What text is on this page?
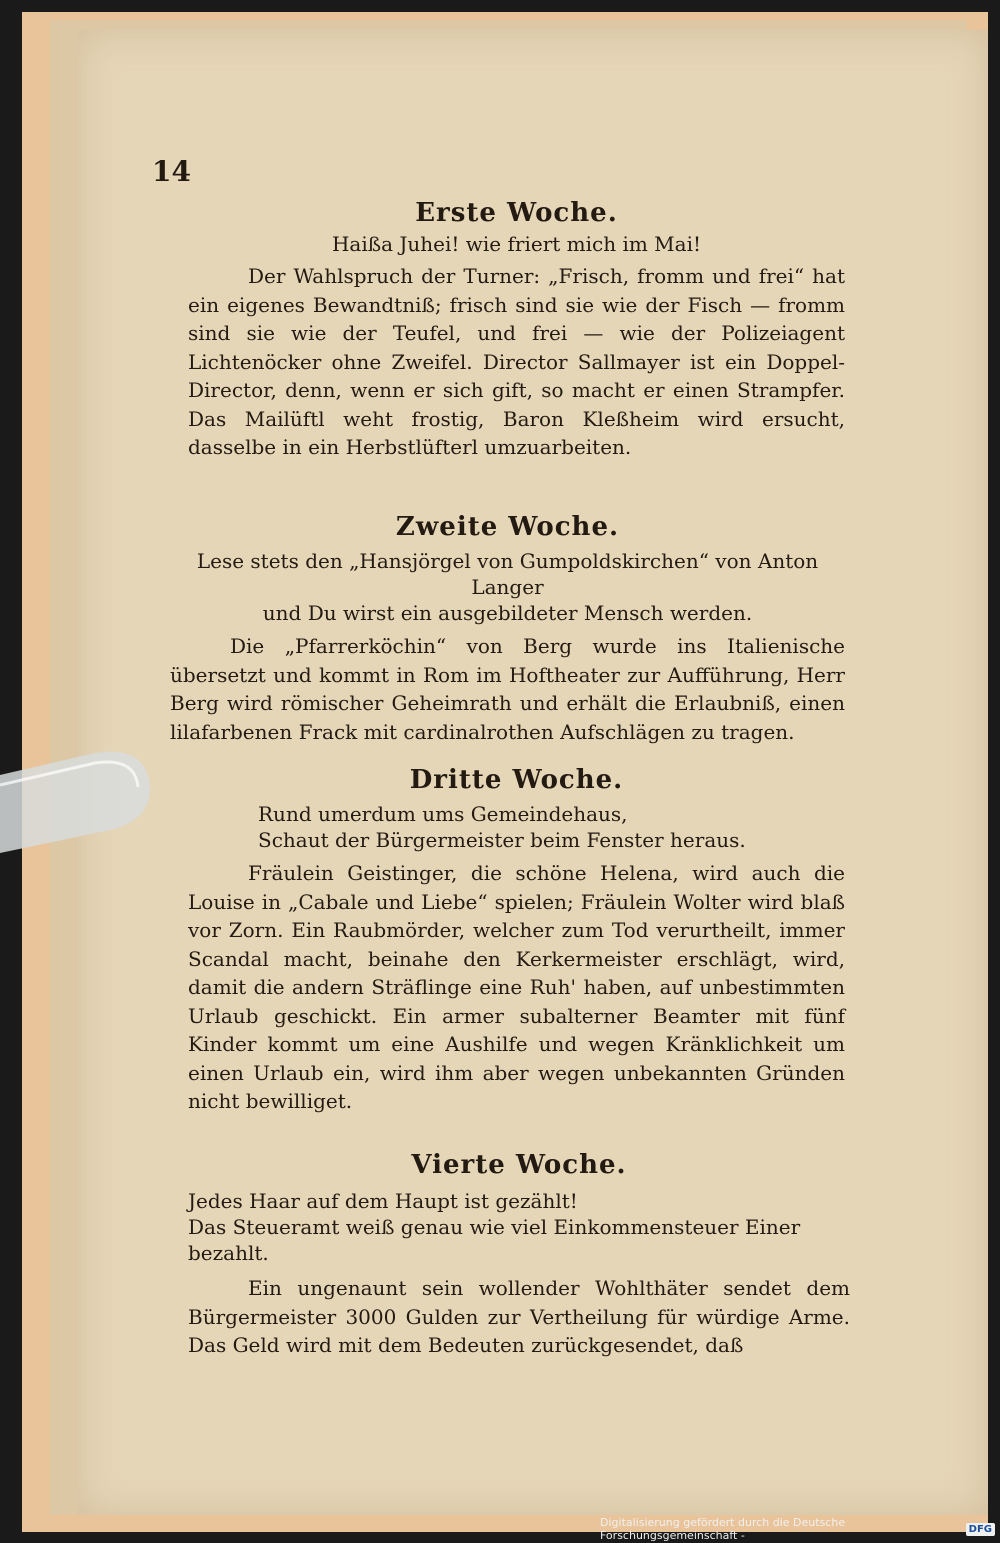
14
Erste Woche.
Haißa Juhei! wie friert mich im Mai!

Der Wahlspruch der Turner: „Frisch, fromm und frei“ hat ein eigenes Bewandtniß; frisch sind sie wie der Fisch — fromm sind sie wie der Teufel, und frei — wie der Polizeiagent Lichtenöcker ohne Zweifel. Director Sallmayer ist ein Doppel-Director, denn, wenn er sich gift, so macht er einen Strampfer. Das Mailüftl weht frostig, Baron Kleßheim wird ersucht, dasselbe in ein Herbstlüfterl umzuarbeiten.

Zweite Woche.
Lese stets den „Hansjörgel von Gumpoldskirchen“ von Anton Langer
und Du wirst ein ausgebildeter Mensch werden.

Die „Pfarrerköchin“ von Berg wurde ins Italienische übersetzt und kommt in Rom im Hoftheater zur Aufführung, Herr Berg wird römischer Geheimrath und erhält die Erlaubniß, einen lilafarbenen Frack mit cardinalrothen Aufschlägen zu tragen.

Dritte Woche.
Rund umerdum ums Gemeindehaus,
Schaut der Bürgermeister beim Fenster heraus.

Fräulein Geistinger, die schöne Helena, wird auch die Louise in „Cabale und Liebe“ spielen; Fräulein Wolter wird blaß vor Zorn. Ein Raubmörder, welcher zum Tod verurtheilt, immer Scandal macht, beinahe den Kerkermeister erschlägt, wird, damit die andern Sträflinge eine Ruh' haben, auf unbestimmten Urlaub geschickt. Ein armer subalterner Beamter mit fünf Kinder kommt um eine Aushilfe und wegen Kränklichkeit um einen Urlaub ein, wird ihm aber wegen unbekannten Gründen nicht bewilliget.

Vierte Woche.
Jedes Haar auf dem Haupt ist gezählt!
Das Steueramt weiß genau wie viel Einkommensteuer Einer bezahlt.

Ein ungenaunt sein wollender Wohlthäter sendet dem Bürgermeister 3000 Gulden zur Vertheilung für würdige Arme. Das Geld wird mit dem Bedeuten zurückgesendet, daß

Digitalisierung gefördert durch die Deutsche Forschungsgemeinschaft -	DFG
